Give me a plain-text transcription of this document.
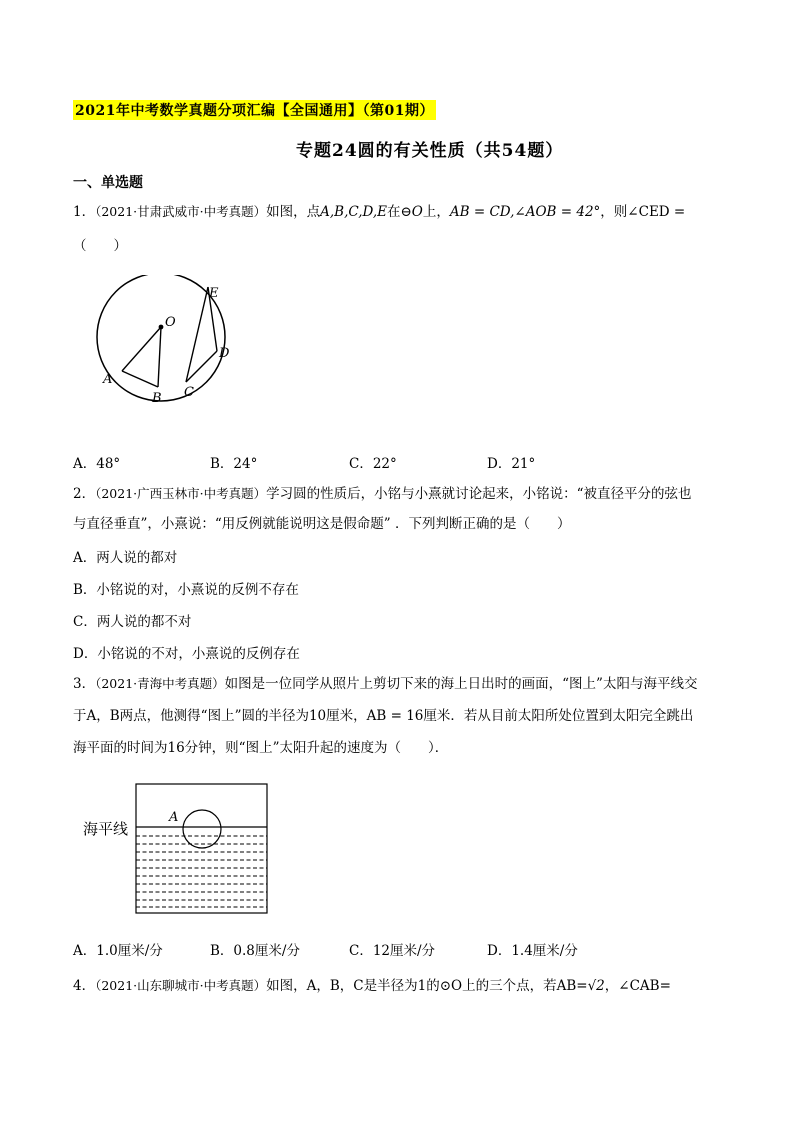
2021年中考数学真题分项汇编【全国通用】（第01期）
专题24圆的有关性质（共54题）
一、单选题
1．（2021·甘肃武威市·中考真题）如图，点A,B,C,D,E在⊖O上，AB = CD,∠AOB = 42°，则∠CED =
（　　）
O
A
B C
D
E
A．48°	B．24°	C．22°	D．21°
2．（2021·广西玉林市·中考真题）学习圆的性质后，小铭与小熹就讨论起来，小铭说：“被直径平分的弦也
与直径垂直”，小熹说：“用反例就能说明这是假命题” ．下列判断正确的是（　　）
A．两人说的都对
B．小铭说的对，小熹说的反例不存在
C．两人说的都不对
D．小铭说的不对，小熹说的反例存在
3．（2021·青海中考真题）如图是一位同学从照片上剪切下来的海上日出时的画面，“图上”太阳与海平线交
于A，B两点，他测得“图上”圆的半径为10厘米，AB = 16厘米．若从目前太阳所处位置到太阳完全跳出
海平面的时间为16分钟，则“图上”太阳升起的速度为（　　）．
海平线
A
A．1.0厘米/分	B．0.8厘米/分	C．12厘米/分	D．1.4厘米/分
4．（2021·山东聊城市·中考真题）如图，A，B，C是半径为1的⊙O上的三个点，若AB=√2，∠CAB=
